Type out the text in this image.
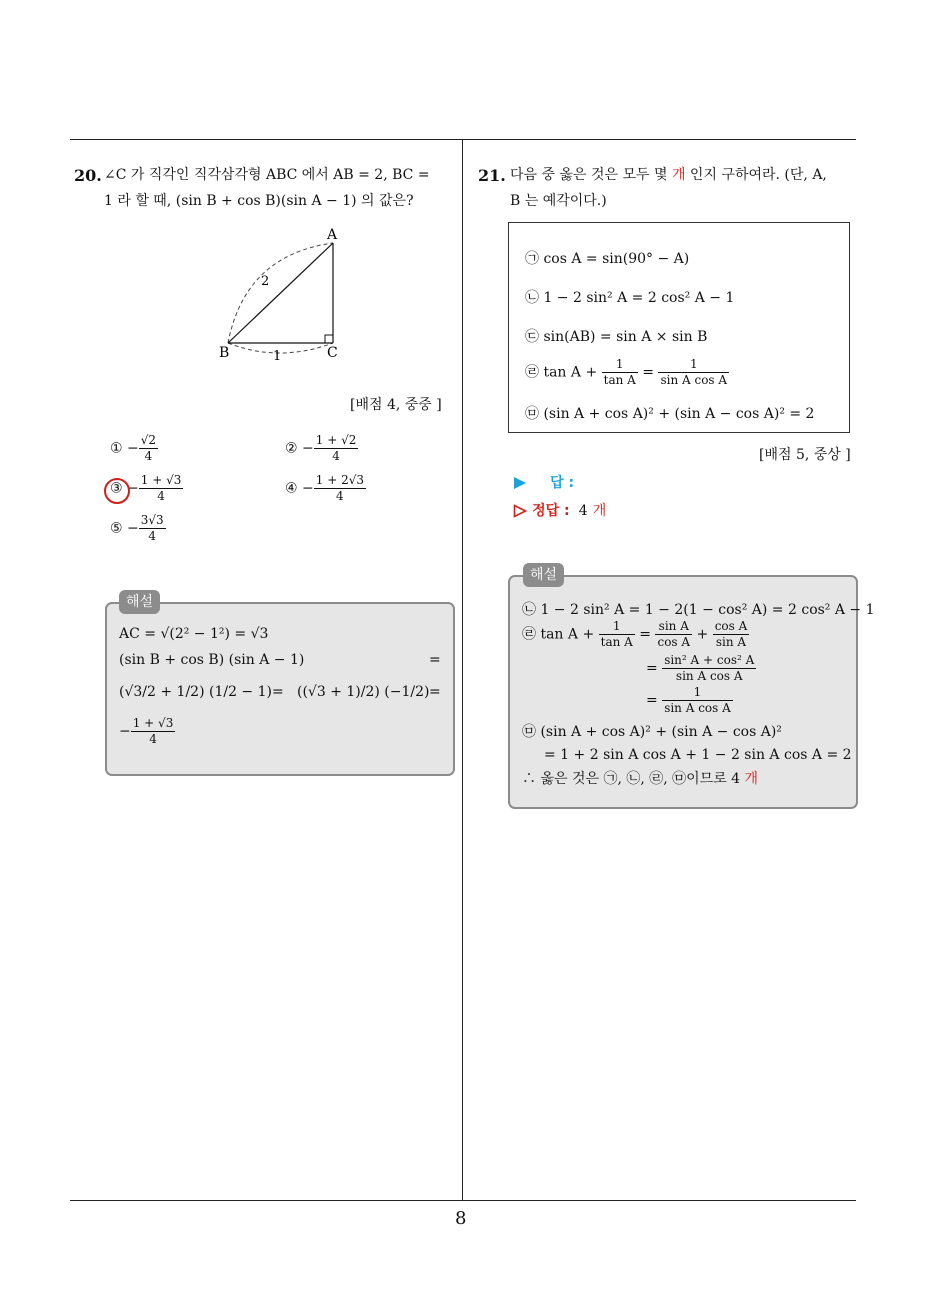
8
20. ∠C 가 직각인 직각삼각형 ABC 에서 AB = 2, BC =
1 라 할 때, (sin B + cos B)(sin A − 1) 의 값은?
A
B	C
2
1
[배점 4, 중중 ]
① − $\frac{√2}{4}$	② − $\frac{1 + √2}{4}$
③ − $\frac{1 + √3}{4}$	④ − $\frac{1 + 2√3}{4}$
⑤ − $\frac{3√3}{4}$
AC = √(2² − 1²) = √3
(sin B + cos B) (sin A − 1)	=
(√3/2 + 1/2) (1/2 − 1) = ((√3 + 1)/2) (−1/2) =
− $\frac{1 + √3}{4}$
해설
21. 다음 중 옳은 것은 모두 몇 개 인지 구하여라. (단, A,
B 는 예각이다.)
㉠ cos A = sin(90° − A)
㉡ 1 − 2 sin² A = 2 cos² A − 1
㉢ sin(AB) = sin A × sin B
㉣ $\tan A + \frac{1}{\text{tan A}} = \frac{1}{\text{sin A cos A}}$
㉤ (sin A + cos A)² + (sin A − cos A)² = 2
[배점 5, 중상 ]
답 :
정답 : 4 개
㉡ 1 − 2 sin² A = 1 − 2(1 − cos² A) = 2 cos² A − 1
㉣ $\tan A + \frac{1}{\text{tan A}} = \frac{\text{sin A}}{\text{cos A}} + \frac{\text{cos A}}{\text{sin A}}$
= $\frac{\text{sin² A + cos² A}}{\text{sin A cos A}}$
= $\frac{1}{\text{sin A cos A}}$
㉤ (sin A + cos A)² + (sin A − cos A)²
= 1 + 2 sin A cos A + 1 − 2 sin A cos A = 2
∴ 옳은 것은 ㉠, ㉡, ㉣, ㉤이므로 4 개
해설
